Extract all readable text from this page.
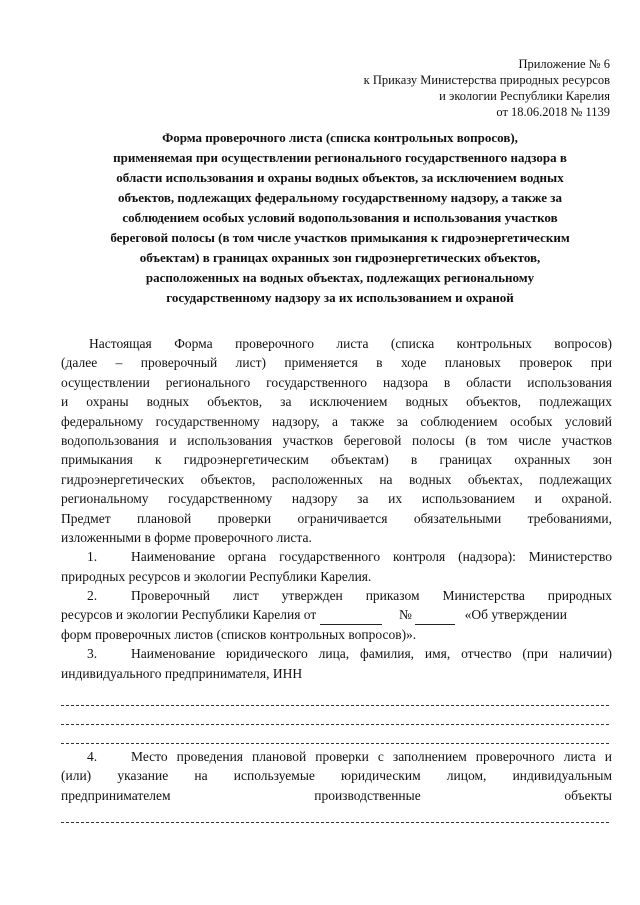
Приложение № 6
к Приказу Министерства природных ресурсов
и экологии Республики Карелия
от 18.06.2018 № 1139
Форма проверочного листа (списка контрольных вопросов),
применяемая при осуществлении регионального государственного надзора в
области использования и охраны водных объектов, за исключением водных
объектов, подлежащих федеральному государственному надзору, а также за
соблюдением особых условий водопользования и использования участков
береговой полосы (в том числе участков примыкания к гидроэнергетическим
объектам) в границах охранных зон гидроэнергетических объектов,
расположенных на водных объектах, подлежащих региональному
государственному надзору за их использованием и охраной
Настоящая Форма проверочного листа (списка контрольных вопросов)
(далее – проверочный лист) применяется в ходе плановых проверок при
осуществлении регионального государственного надзора в области использования
и охраны водных объектов, за исключением водных объектов, подлежащих
федеральному государственному надзору, а также за соблюдением особых условий
водопользования и использования участков береговой полосы (в том числе участков
примыкания к гидроэнергетическим объектам) в границах охранных зон
гидроэнергетических объектов, расположенных на водных объектах, подлежащих
региональному государственному надзору за их использованием и охраной.
Предмет плановой проверки ограничивается обязательными требованиями,
изложенными в форме проверочного листа.
1.	Наименование органа государственного контроля (надзора): Министерство
природных ресурсов и экологии Республики Карелия.
2.	Проверочный лист утвержден приказом Министерства природных
ресурсов и экологии Республики Карелия от	№	«Об утверждении
форм проверочных листов (списков контрольных вопросов)».
3.	Наименование юридического лица, фамилия, имя, отчество (при наличии)
индивидуального предпринимателя, ИНН
4.	Место проведения плановой проверки с заполнением проверочного листа и
(или) указание на используемые юридическим лицом, индивидуальным
предпринимателем производственные объекты
